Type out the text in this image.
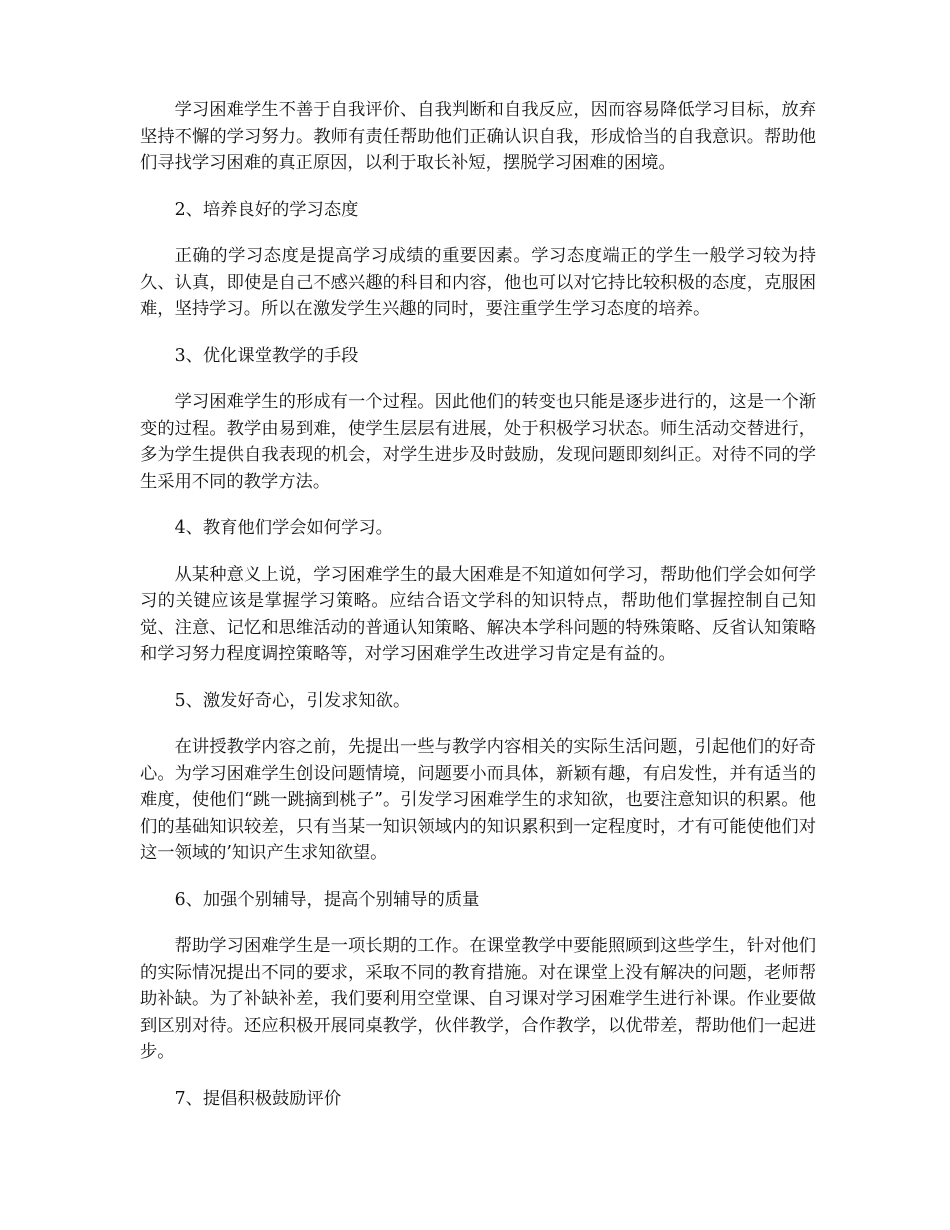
学习困难学生不善于自我评价、自我判断和自我反应，因而容易降低学习目标，放弃坚持不懈的学习努力。教师有责任帮助他们正确认识自我，形成恰当的自我意识。帮助他们寻找学习困难的真正原因，以利于取长补短，摆脱学习困难的困境。

2、培养良好的学习态度

正确的学习态度是提高学习成绩的重要因素。学习态度端正的学生一般学习较为持久、认真，即使是自己不感兴趣的科目和内容，他也可以对它持比较积极的态度，克服困难，坚持学习。所以在激发学生兴趣的同时，要注重学生学习态度的培养。

3、优化课堂教学的手段

学习困难学生的形成有一个过程。因此他们的转变也只能是逐步进行的，这是一个渐变的过程。教学由易到难，使学生层层有进展，处于积极学习状态。师生活动交替进行，多为学生提供自我表现的机会，对学生进步及时鼓励，发现问题即刻纠正。对待不同的学生采用不同的教学方法。

4、教育他们学会如何学习。

从某种意义上说，学习困难学生的最大困难是不知道如何学习，帮助他们学会如何学习的关键应该是掌握学习策略。应结合语文学科的知识特点，帮助他们掌握控制自己知觉、注意、记忆和思维活动的普通认知策略、解决本学科问题的特殊策略、反省认知策略和学习努力程度调控策略等，对学习困难学生改进学习肯定是有益的。

5、激发好奇心，引发求知欲。

在讲授教学内容之前，先提出一些与教学内容相关的实际生活问题，引起他们的好奇心。为学习困难学生创设问题情境，问题要小而具体，新颖有趣，有启发性，并有适当的难度，使他们“跳一跳摘到桃子”。引发学习困难学生的求知欲，也要注意知识的积累。他们的基础知识较差，只有当某一知识领域内的知识累积到一定程度时，才有可能使他们对这一领域的’知识产生求知欲望。

6、加强个别辅导，提高个别辅导的质量

帮助学习困难学生是一项长期的工作。在课堂教学中要能照顾到这些学生，针对他们的实际情况提出不同的要求，采取不同的教育措施。对在课堂上没有解决的问题，老师帮助补缺。为了补缺补差，我们要利用空堂课、自习课对学习困难学生进行补课。作业要做到区别对待。还应积极开展同桌教学，伙伴教学，合作教学，以优带差，帮助他们一起进步。

7、提倡积极鼓励评价
